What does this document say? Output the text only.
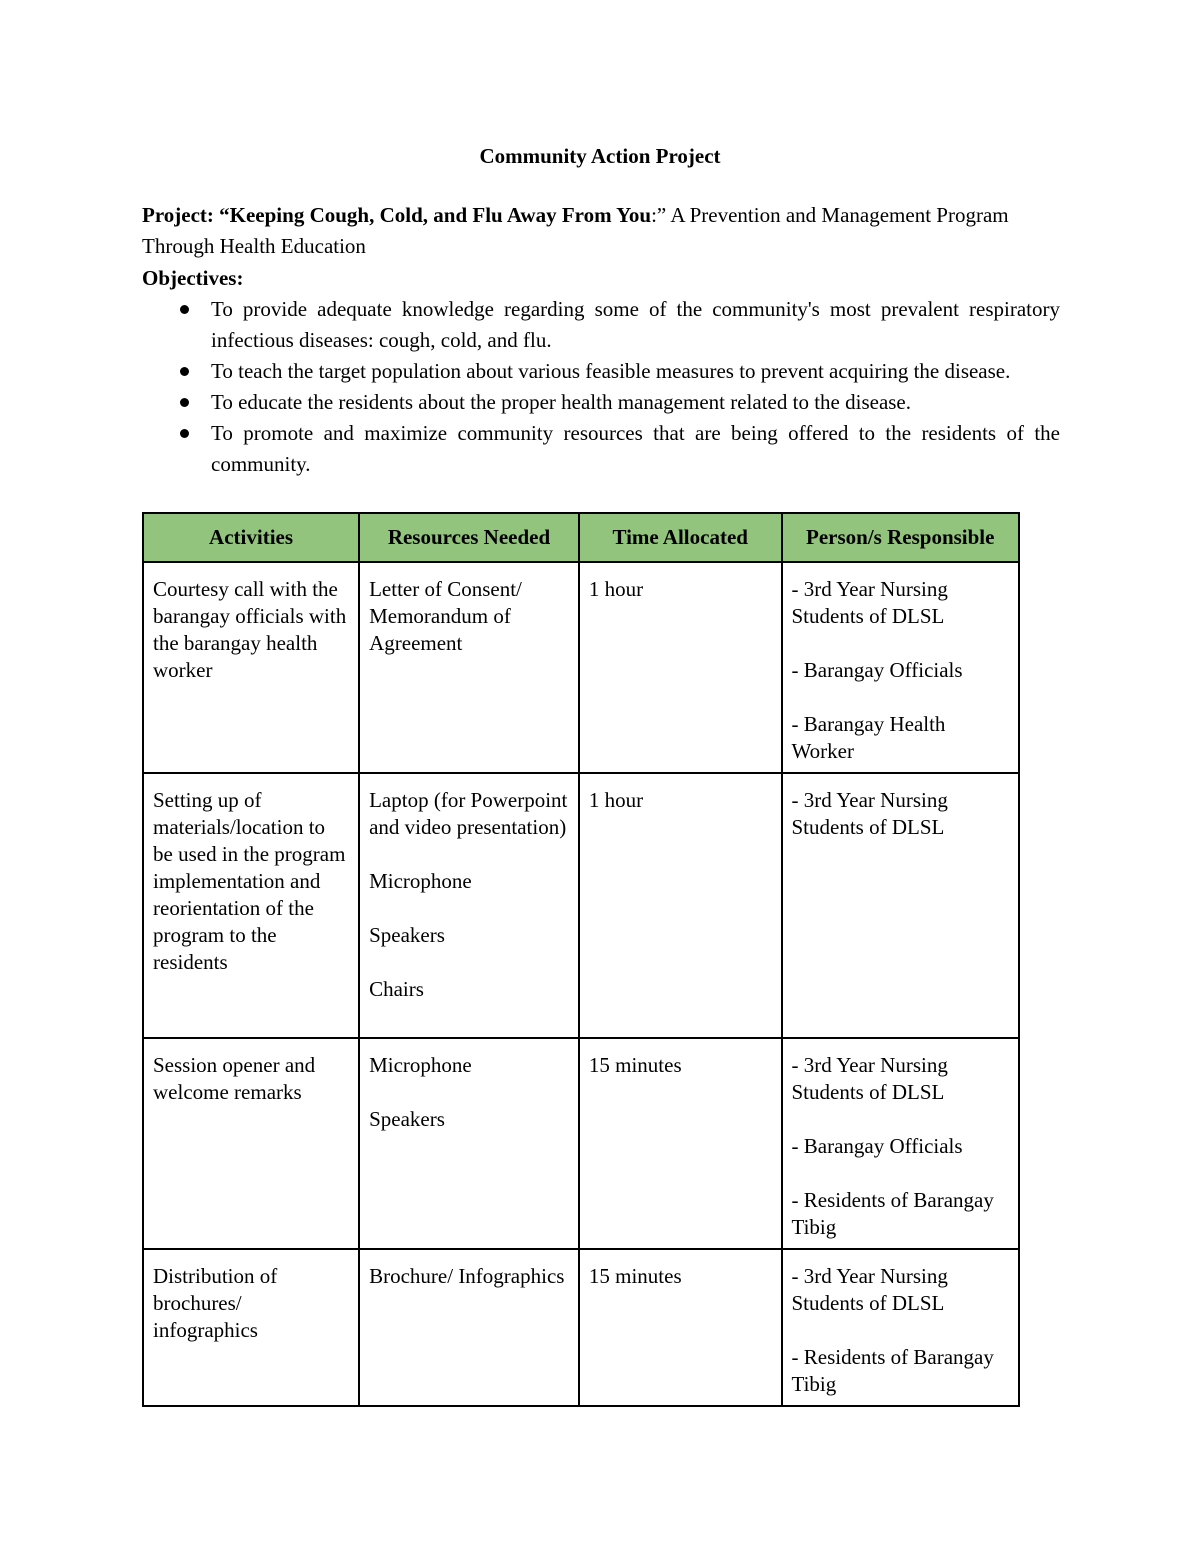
Community Action Project
Project: “Keeping Cough, Cold, and Flu Away From You:” A Prevention and Management Program Through Health Education
Objectives:
To provide adequate knowledge regarding some of the community's most prevalent respiratory infectious diseases: cough, cold, and flu.
To teach the target population about various feasible measures to prevent acquiring the disease.
To educate the residents about the proper health management related to the disease.
To promote and maximize community resources that are being offered to the residents of the community.
Activities	Resources Needed	Time Allocated	Person/s Responsible
Courtesy call with the barangay officials with the barangay health worker	Letter of Consent/ Memorandum of Agreement	1 hour	- 3rd Year Nursing Students of DLSL
- Barangay Officials
- Barangay Health Worker

Setting up of materials/location to be used in the program implementation and reorientation of the program to the residents	Laptop (for Powerpoint and video presentation)
Microphone
Speakers
Chairs	1 hour	- 3rd Year Nursing Students of DLSL

Session opener and welcome remarks	Microphone
Speakers	15 minutes	- 3rd Year Nursing Students of DLSL
- Barangay Officials
- Residents of Barangay Tibig

Distribution of brochures/ infographics	Brochure/ Infographics	15 minutes	- 3rd Year Nursing Students of DLSL
- Residents of Barangay Tibig
